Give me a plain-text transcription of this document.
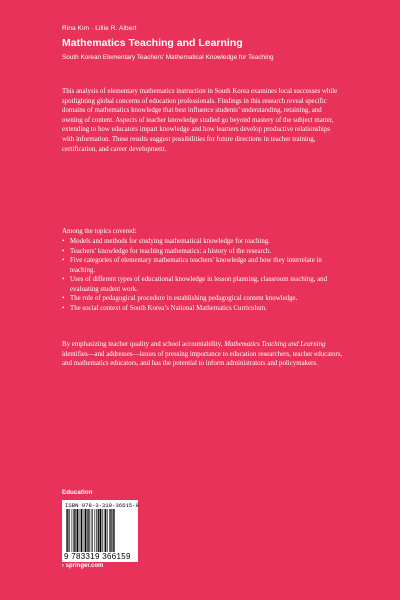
Rina Kim · Lillie R. Albert
Mathematics Teaching and Learning
South Korean Elementary Teachers’ Mathematical Knowledge for Teaching
This analysis of elementary mathematics instruction in South Korea examines local successes while spotlighting global concerns of education professionals. Findings in this research reveal specific domains of mathematics knowledge that best influence students’ understanding, retaining, and owning of content. Aspects of teacher knowledge studied go beyond mastery of the subject matter, extending to how educators impart knowledge and how learners develop productive relationships with information. These results suggest possibilities for future directions in teacher training, certification, and career development.
Among the topics covered:
• Models and methods for studying mathematical knowledge for teaching.
• Teachers’ knowledge for teaching mathematics: a history of the research.
• Five categories of elementary mathematics teachers’ knowledge and how they interrelate in teaching.
• Uses of different types of educational knowledge in lesson planning, classroom teaching, and evaluating student work.
• The role of pedagogical procedure in establishing pedagogical content knowledge.
• The social context of South Korea’s National Mathematics Curriculum.
By emphasizing teacher quality and school accountability, Mathematics Teaching and Learning identifies––and addresses––issues of pressing importance to education researchers, teacher educators, and mathematics educators, and has the potential to inform administrators and policymakers.
Education
ISBN 978-3-319-36615-9
9 783319 366159
› springer.com
